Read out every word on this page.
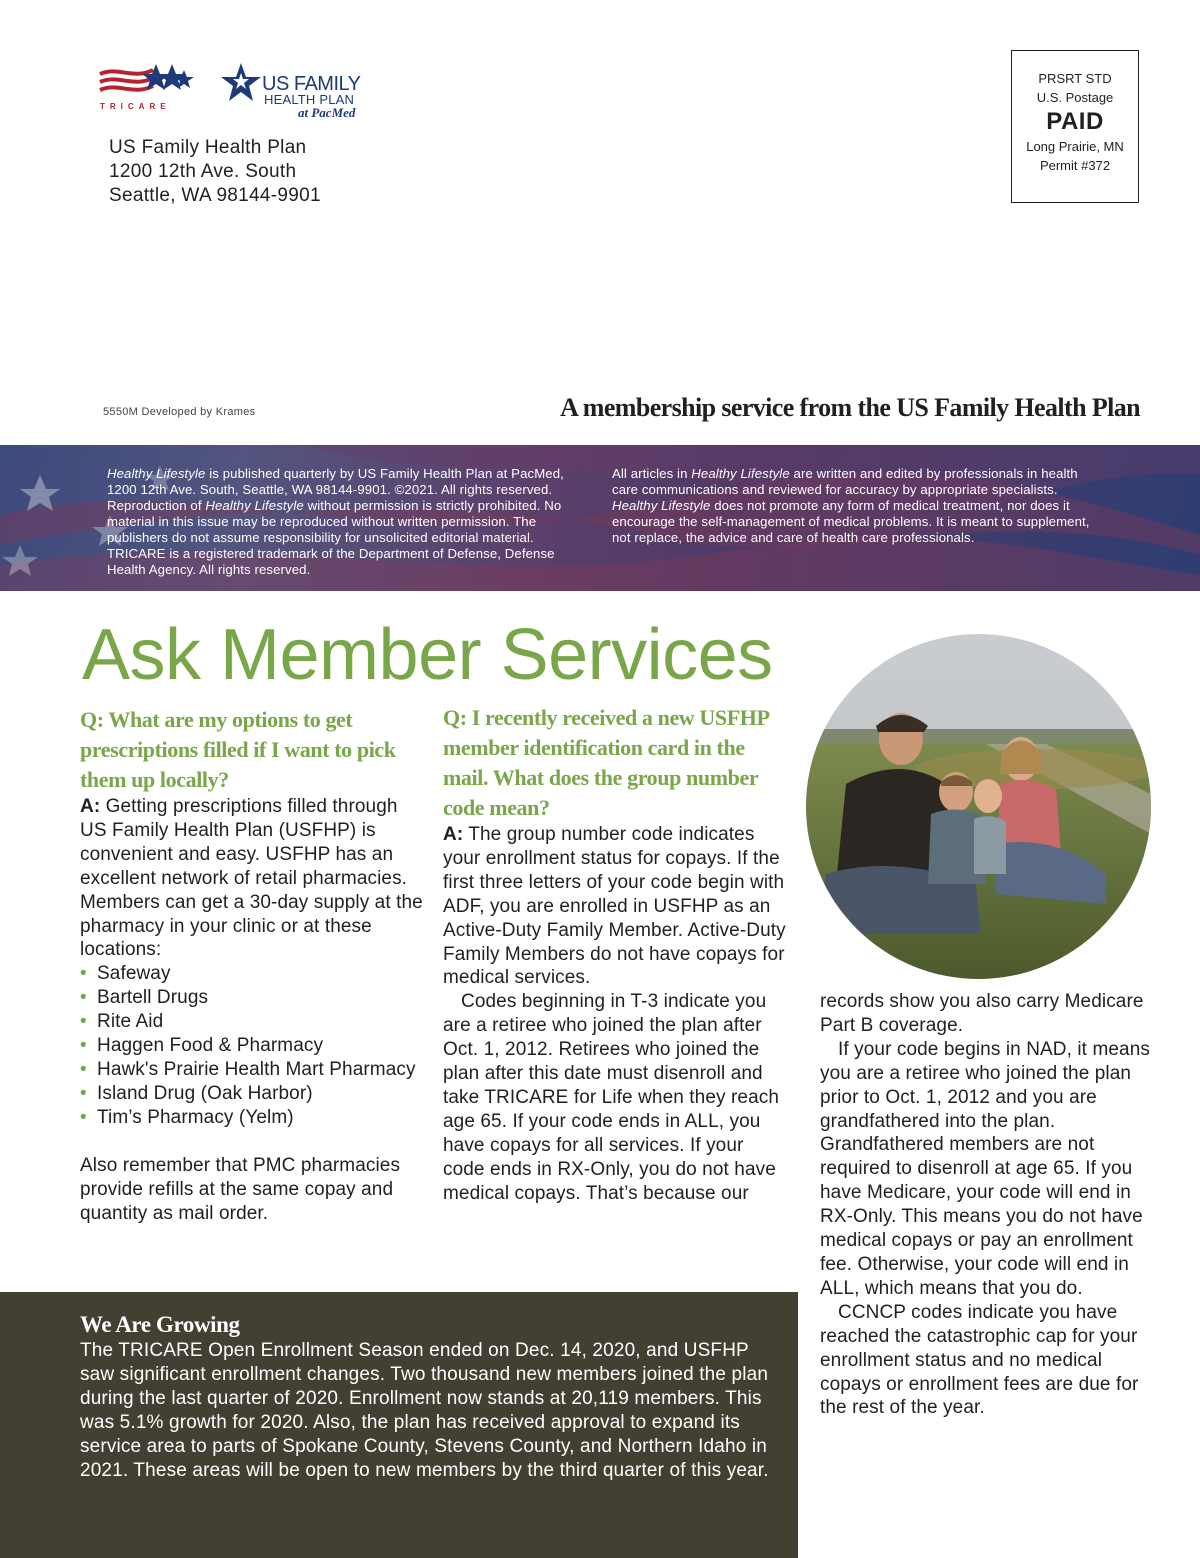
TRICARE
US FAMILY
HEALTH PLAN
at PacMed
US Family Health Plan
1200 12th Ave. South
Seattle, WA 98144-9901
PRSRT STD
U.S. Postage
PAID
Long Prairie, MN
Permit #372
5550M Developed by Krames	A membership service from the US Family Health Plan
Healthy Lifestyle is published quarterly by US Family Health Plan at PacMed, 1200 12th Ave. South, Seattle, WA 98144-9901. ©2021. All rights reserved. Reproduction of Healthy Lifestyle without permission is strictly prohibited. No material in this issue may be reproduced without written permission. The publishers do not assume responsibility for unsolicited editorial material. TRICARE is a registered trademark of the Department of Defense, Defense Health Agency. All rights reserved.
All articles in Healthy Lifestyle are written and edited by professionals in health care communications and reviewed for accuracy by appropriate specialists. Healthy Lifestyle does not promote any form of medical treatment, nor does it encourage the self-management of medical problems. It is meant to supplement, not replace, the advice and care of health care professionals.
Ask Member Services
Q: What are my options to get prescriptions filled if I want to pick them up locally?

A: Getting prescriptions filled through US Family Health Plan (USFHP) is convenient and easy. USFHP has an excellent network of retail pharmacies. Members can get a 30-day supply at the pharmacy in your clinic or at these locations:

• Safeway
• Bartell Drugs
• Rite Aid
• Haggen Food & Pharmacy
• Hawk's Prairie Health Mart Pharmacy
• Island Drug (Oak Harbor)
• Tim’s Pharmacy (Yelm)

Also remember that PMC pharmacies provide refills at the same copay and quantity as mail order.

Q: I recently received a new USFHP member identification card in the mail. What does the group number code mean?

A: The group number code indicates your enrollment status for copays. If the first three letters of your code begin with ADF, you are enrolled in USFHP as an Active-Duty Family Member. Active-Duty Family Members do not have copays for medical services.

Codes beginning in T-3 indicate you are a retiree who joined the plan after Oct. 1, 2012. Retirees who joined the plan after this date must disenroll and take TRICARE for Life when they reach age 65. If your code ends in ALL, you have copays for all services. If your code ends in RX-Only, you do not have medical copays. That’s because our

records show you also carry Medicare Part B coverage.

If your code begins in NAD, it means you are a retiree who joined the plan prior to Oct. 1, 2012 and you are grandfathered into the plan. Grandfathered members are not required to disenroll at age 65. If you have Medicare, your code will end in RX-Only. This means you do not have medical copays or pay an enrollment fee. Otherwise, your code will end in ALL, which means that you do.

CCNCP codes indicate you have reached the catastrophic cap for your enrollment status and no medical copays or enrollment fees are due for the rest of the year.

We Are Growing

The TRICARE Open Enrollment Season ended on Dec. 14, 2020, and USFHP saw significant enrollment changes. Two thousand new members joined the plan during the last quarter of 2020. Enrollment now stands at 20,119 members. This was 5.1% growth for 2020. Also, the plan has received approval to expand its service area to parts of Spokane County, Stevens County, and Northern Idaho in 2021. These areas will be open to new members by the third quarter of this year.
